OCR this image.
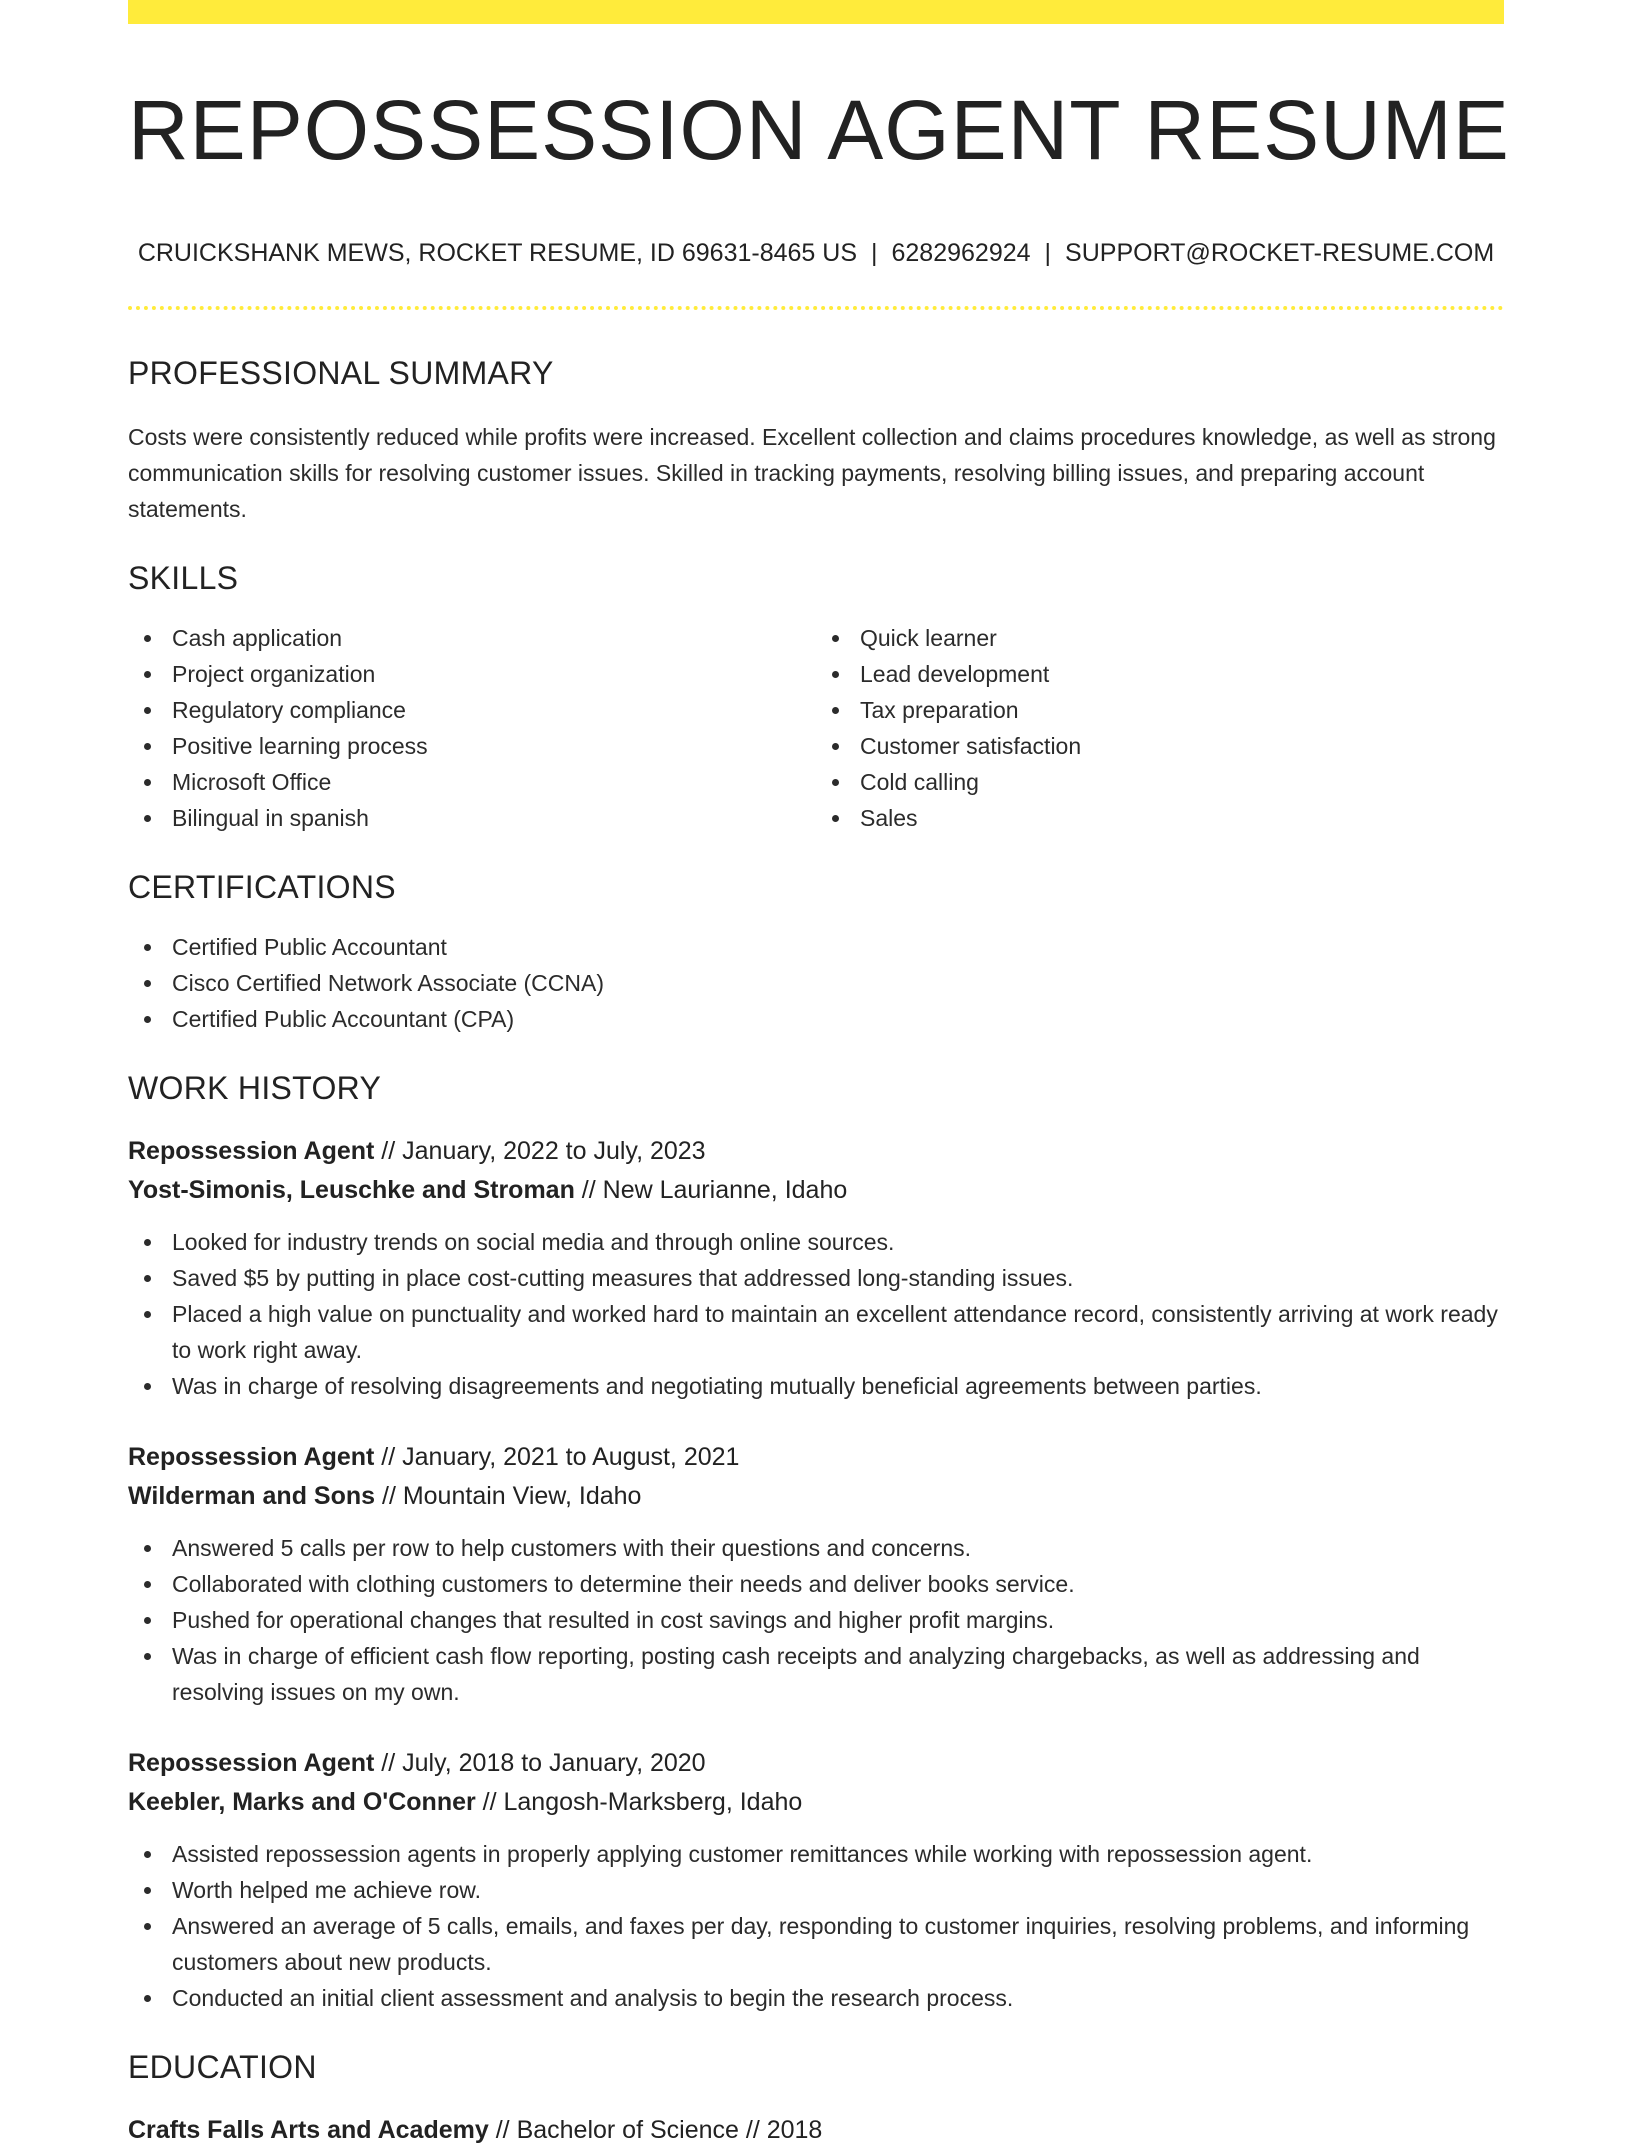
REPOSSESSION AGENT RESUME
CRUICKSHANK MEWS, ROCKET RESUME, ID 69631-8465 US | 6282962924 | SUPPORT@ROCKET-RESUME.COM
PROFESSIONAL SUMMARY

Costs were consistently reduced while profits were increased. Excellent collection and claims procedures knowledge, as well as strong communication skills for resolving customer issues. Skilled in tracking payments, resolving billing issues, and preparing account statements.

SKILLS
Cash application
Project organization
Regulatory compliance
Positive learning process
Microsoft Office
Bilingual in spanish
Quick learner
Lead development
Tax preparation
Customer satisfaction
Cold calling
Sales
CERTIFICATIONS
Certified Public Accountant
Cisco Certified Network Associate (CCNA)
Certified Public Accountant (CPA)
WORK HISTORY
Repossession Agent // January, 2022 to July, 2023
Yost-Simonis, Leuschke and Stroman // New Laurianne, Idaho
Looked for industry trends on social media and through online sources.
Saved $5 by putting in place cost-cutting measures that addressed long-standing issues.
Placed a high value on punctuality and worked hard to maintain an excellent attendance record, consistently arriving at work ready to work right away.
Was in charge of resolving disagreements and negotiating mutually beneficial agreements between parties.
Repossession Agent // January, 2021 to August, 2021
Wilderman and Sons // Mountain View, Idaho
Answered 5 calls per row to help customers with their questions and concerns.
Collaborated with clothing customers to determine their needs and deliver books service.
Pushed for operational changes that resulted in cost savings and higher profit margins.
Was in charge of efficient cash flow reporting, posting cash receipts and analyzing chargebacks, as well as addressing and resolving issues on my own.
Repossession Agent // July, 2018 to January, 2020
Keebler, Marks and O'Conner // Langosh-Marksberg, Idaho
Assisted repossession agents in properly applying customer remittances while working with repossession agent.
Worth helped me achieve row.
Answered an average of 5 calls, emails, and faxes per day, responding to customer inquiries, resolving problems, and informing customers about new products.
Conducted an initial client assessment and analysis to begin the research process.
EDUCATION
Crafts Falls Arts and Academy // Bachelor of Science // 2018
